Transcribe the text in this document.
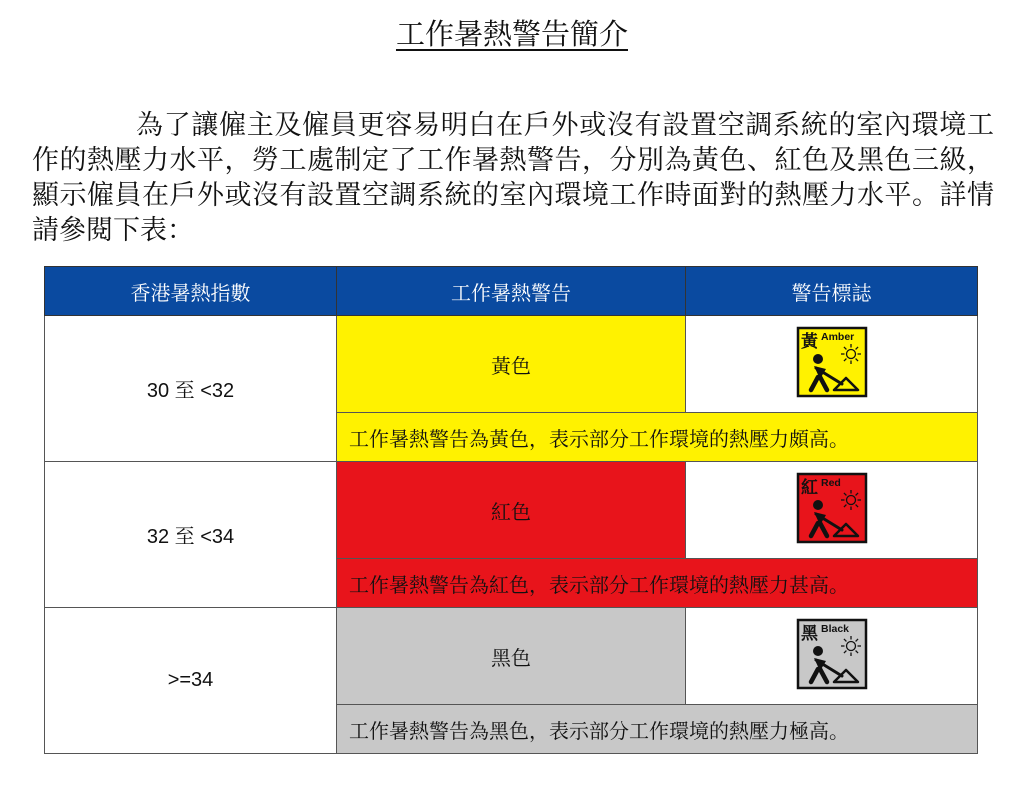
工作暑熱警告簡介

為了讓僱主及僱員更容易明白在戶外或沒有設置空調系統的室內環境工作的熱壓力水平，勞工處制定了工作暑熱警告，分別為黃色、紅色及黑色三級，顯示僱員在戶外或沒有設置空調系統的室內環境工作時面對的熱壓力水平。詳情請參閱下表：

香港暑熱指數	工作暑熱警告	警告標誌
30 至 <32	黃色	黃 Amber

	工作暑熱警告為黃色，表示部分工作環境的熱壓力頗高。	
32 至 <34	紅色	紅 Red

	工作暑熱警告為紅色，表示部分工作環境的熱壓力甚高。	
>=34	黑色	黑 Black

	工作暑熱警告為黑色，表示部分工作環境的熱壓力極高。	
